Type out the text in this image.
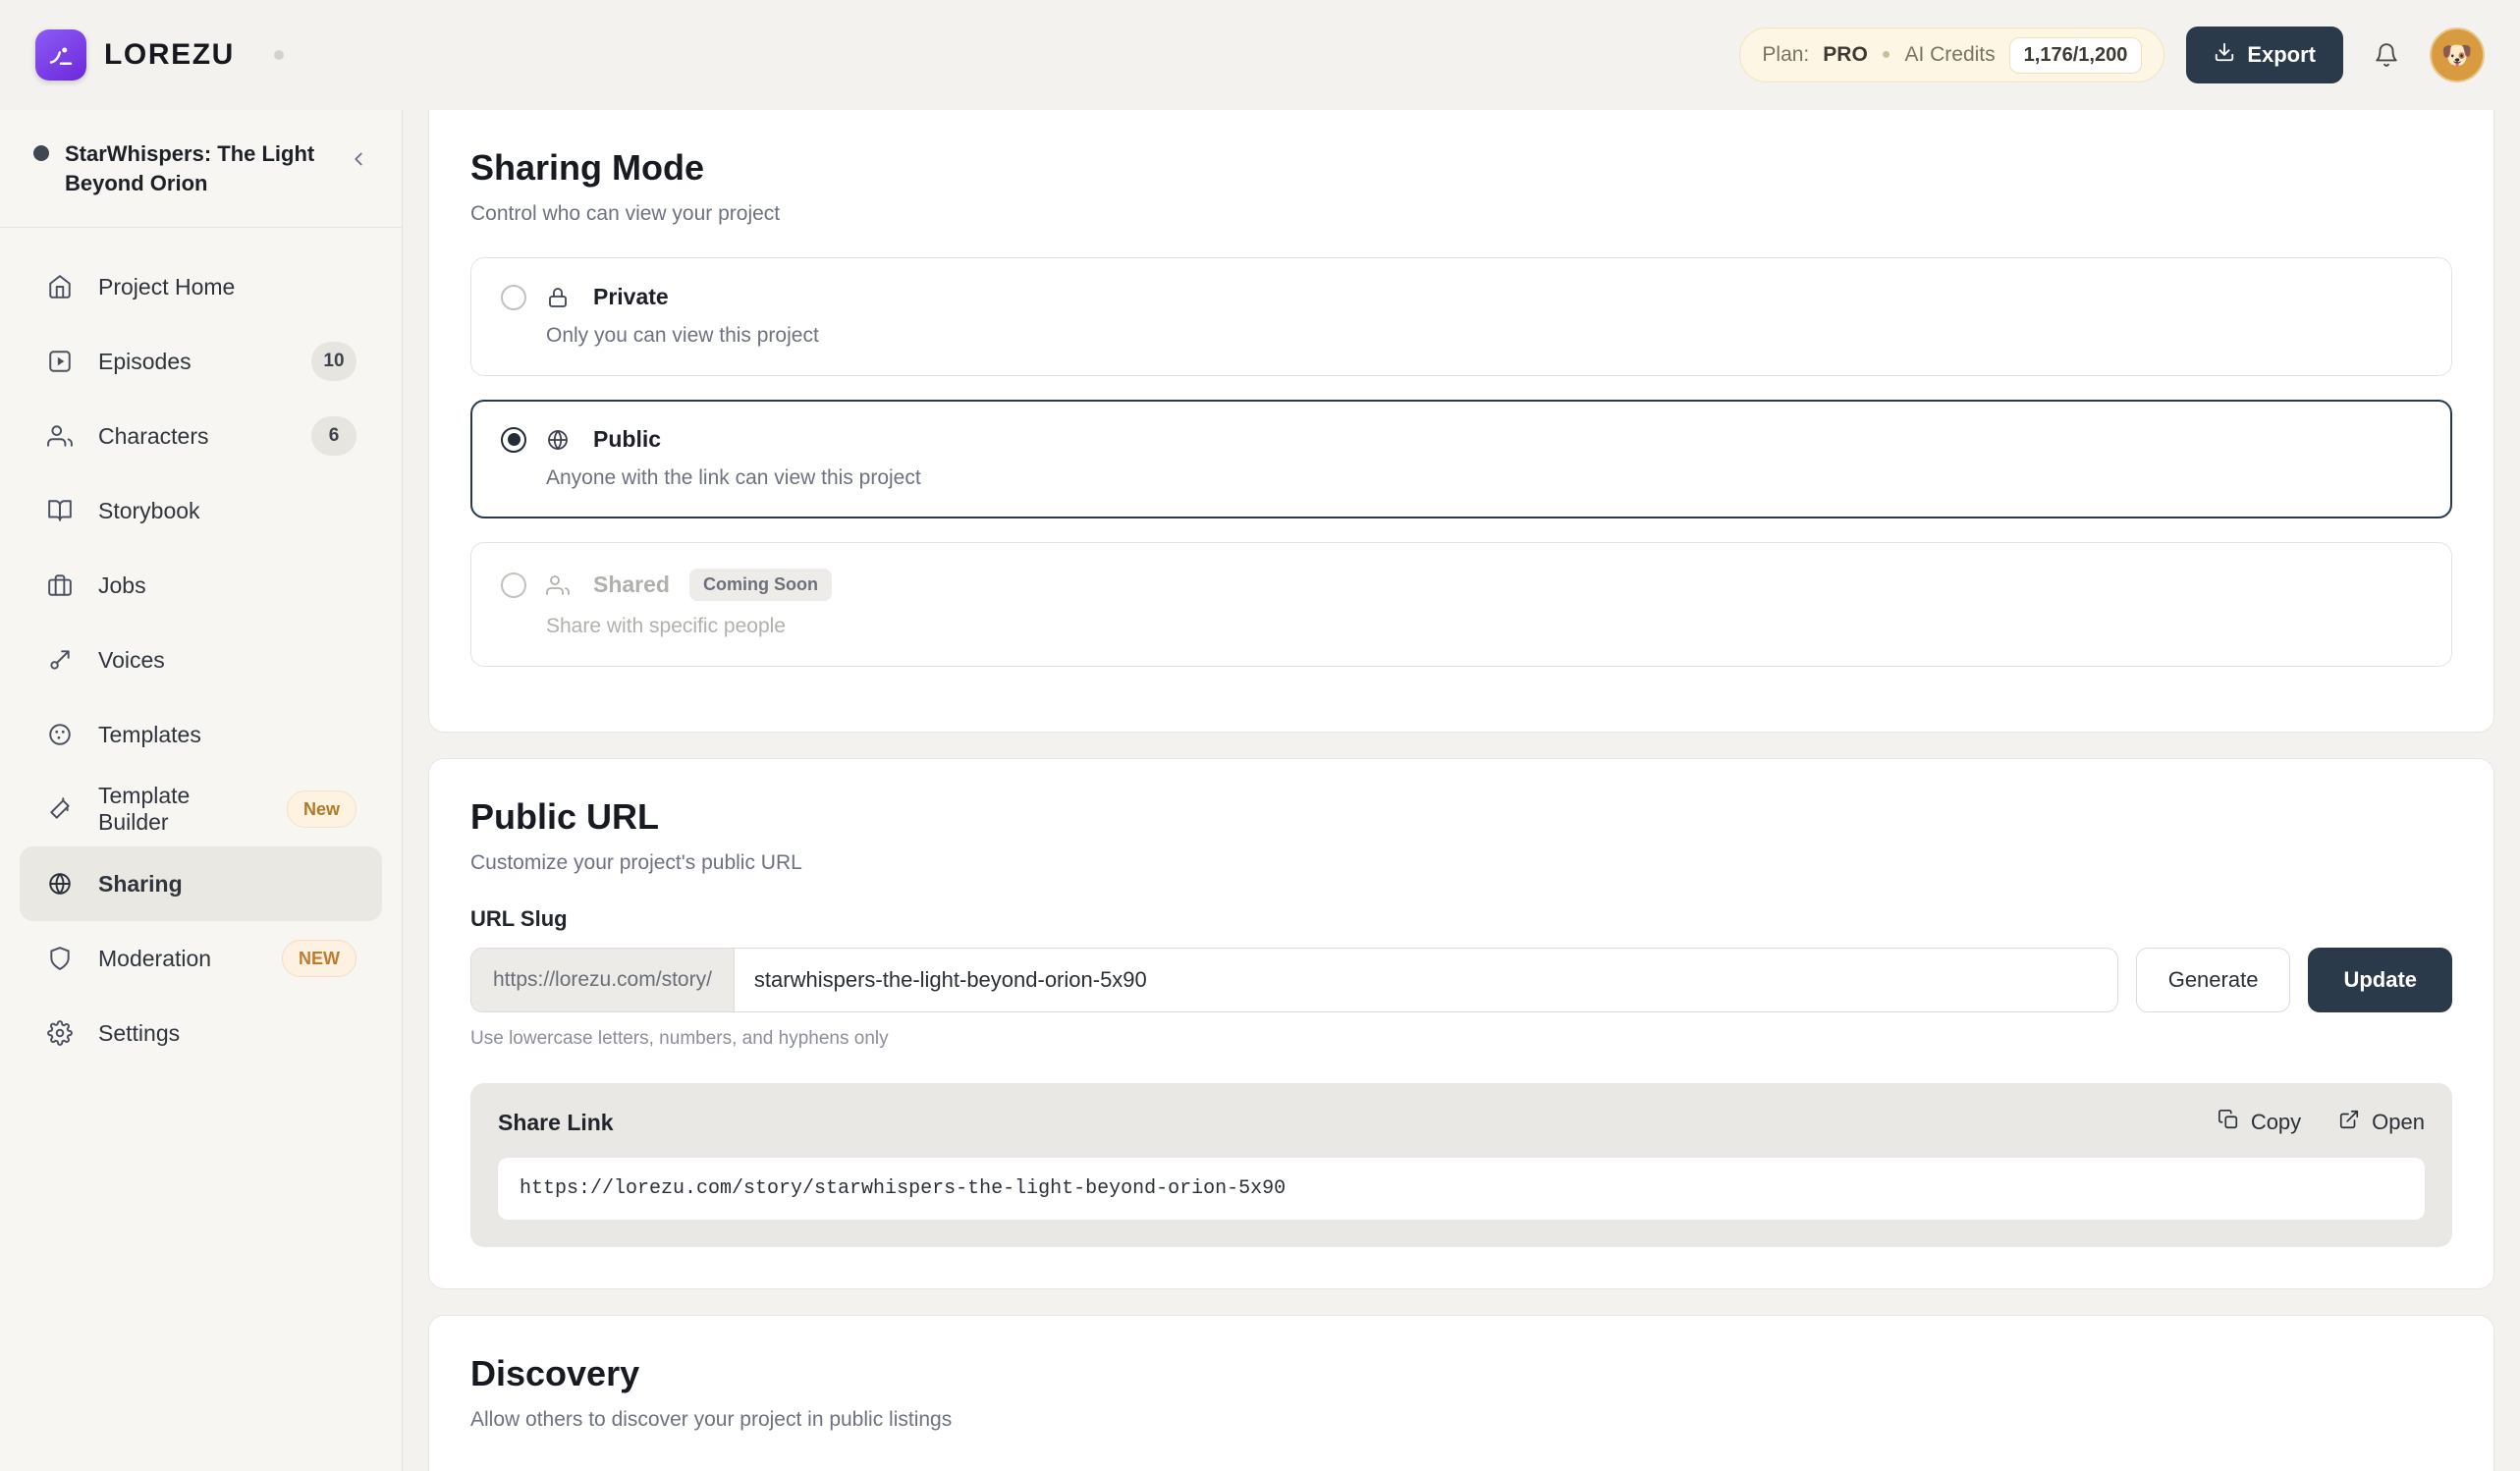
LOREZU	Plan: PRO ● AI Credits	1,176/1,200	Export	🐶
StarWhispers: The Light Beyond Orion
Project Home
Episodes	10
Characters	6
Storybook
Jobs
Voices
Templates
Template Builder
New
Sharing
Moderation	NEW
Settings
Sharing Mode

Control who can view your project

Private
Only you can view this project
Public
Anyone with the link can view this project
Shared	Coming Soon
Share with specific people
Public URL

Customize your project's public URL

URL Slug
https://lorezu.com/story/
starwhispers-the-light-beyond-orion-5x90	Generate	Update

Use lowercase letters, numbers, and hyphens only

Share Link	Copy	Open
https://lorezu.com/story/starwhispers-the-light-beyond-orion-5x90
Discovery

Allow others to discover your project in public listings
